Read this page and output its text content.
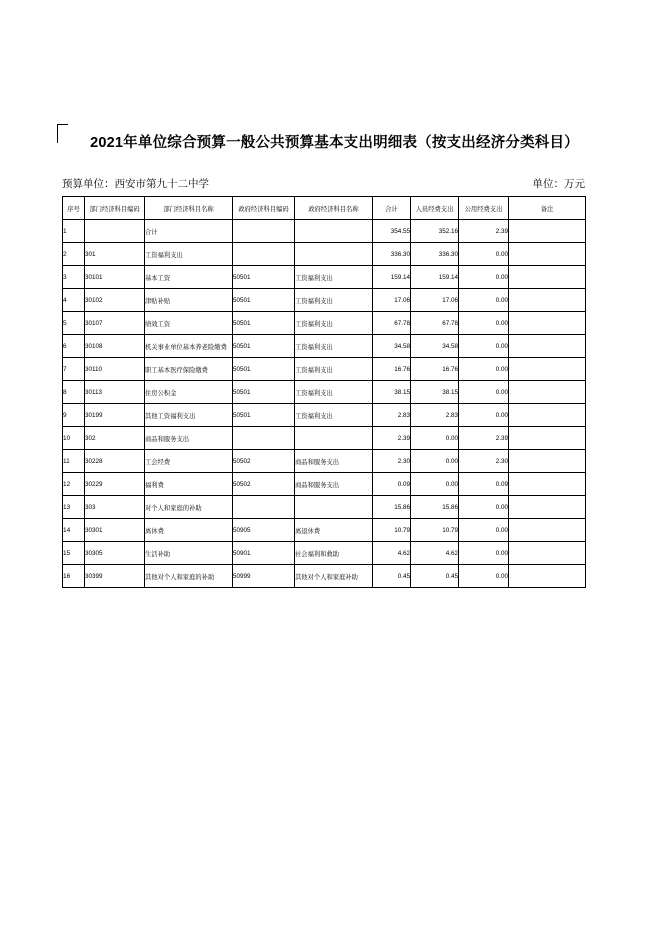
2021年单位综合预算一般公共预算基本支出明细表（按支出经济分类科目）
预算单位：西安市第九十二中学	单位：万元
序号	部门经济科目编码	部门经济科目名称	政府经济科目编码	政府经济科目名称	合计	人员经费支出	公用经费支出	备注
1		合计			354.55	352.16	2.39	
2	301	工资福利支出			336.30	336.30	0.00	
3	30101	基本工资	50501	工资福利支出	159.14	159.14	0.00	
4	30102	津贴补贴	50501	工资福利支出	17.06	17.06	0.00	
5	30107	绩效工资	50501	工资福利支出	67.78	67.78	0.00	
6	30108	机关事业单位基本养老险缴费	50501	工资福利支出	34.58	34.58	0.00	
7	30110	职工基本医疗保险缴费	50501	工资福利支出	16.76	16.76	0.00	
8	30113	住房公积金	50501	工资福利支出	38.15	38.15	0.00	
9	30199	其他工资福利支出	50501	工资福利支出	2.83	2.83	0.00	
10	302	商品和服务支出			2.39	0.00	2.39	
11	30228	工会经费	50502	商品和服务支出	2.30	0.00	2.30	
12	30229	福利费	50502	商品和服务支出	0.09	0.00	0.09	
13	303	对个人和家庭的补助			15.86	15.86	0.00	
14	30301	离休费	50905	离退休费	10.79	10.79	0.00	
15	30305	生活补助	50901	社会福利和救助	4.62	4.62	0.00	
16	30399	其他对个人和家庭的补助	50999	其他对个人和家庭补助	0.45	0.45	0.00	
